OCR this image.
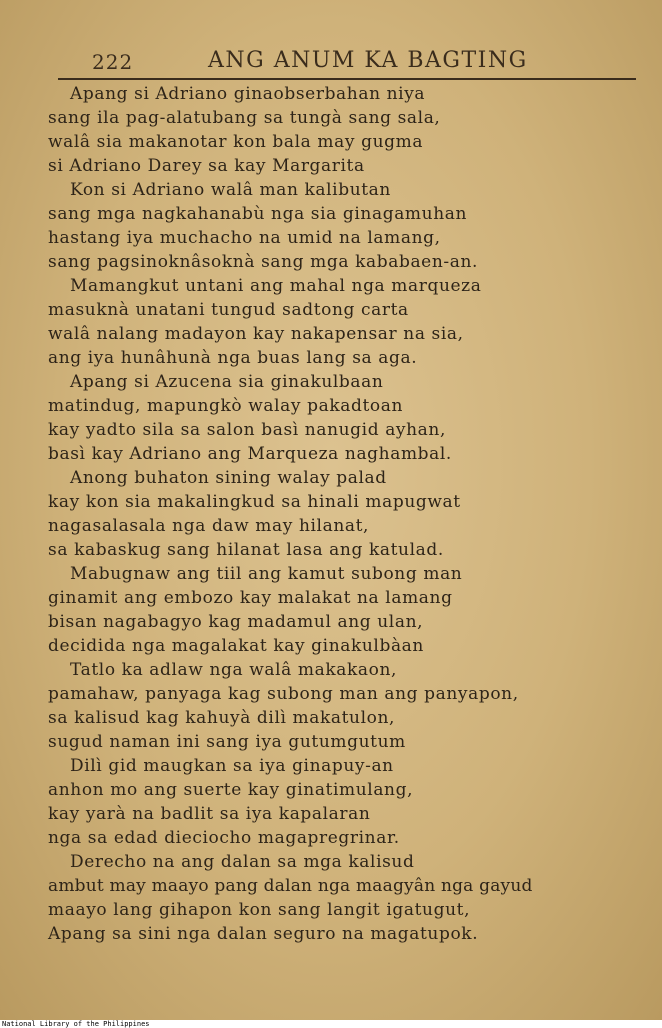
222	ANG ANUM KA BAGTING
Apang si Adriano ginaobserbahan niya
sang ila pag-alatubang sa tungà sang sala,
walâ sia makanotar kon bala may gugma
si Adriano Darey sa kay Margarita
Kon si Adriano walâ man kalibutan
sang mga nagkahanabù nga sia ginagamuhan
hastang iya muchacho na umid na lamang,
sang pagsinoknâsoknà sang mga kababaen-an.
Mamangkut untani ang mahal nga marqueza
masuknà unatani tungud sadtong carta
walâ nalang madayon kay nakapensar na sia,
ang iya hunâhunà nga buas lang sa aga.
Apang si Azucena sia ginakulbaan
matindug, mapungkò walay pakadtoan
kay yadto sila sa salon basì nanugid ayhan,
basì kay Adriano ang Marqueza naghambal.
Anong buhaton sining walay palad
kay kon sia makalingkud sa hinali mapugwat
nagasalasala nga daw may hilanat,
sa kabaskug sang hilanat lasa ang katulad.
Mabugnaw ang tiil ang kamut subong man
ginamit ang embozo kay malakat na lamang
bisan nagabagyo kag madamul ang ulan,
decidida nga magalakat kay ginakulbàan
Tatlo ka adlaw nga walâ makakaon,
pamahaw, panyaga kag subong man ang panyapon,
sa kalisud kag kahuyà dilì makatulon,
sugud naman ini sang iya gutumgutum
Dilì gid maugkan sa iya ginapuy-an
anhon mo ang suerte kay ginatimulang,
kay yarà na badlit sa iya kapalaran
nga sa edad dieciocho magapregrinar.
Derecho na ang dalan sa mga kalisud
ambut may maayo pang dalan nga maagyân nga gayud
maayo lang gihapon kon sang langit igatugut,
Apang sa sini nga dalan seguro na magatupok.
National Library of the Philippines
